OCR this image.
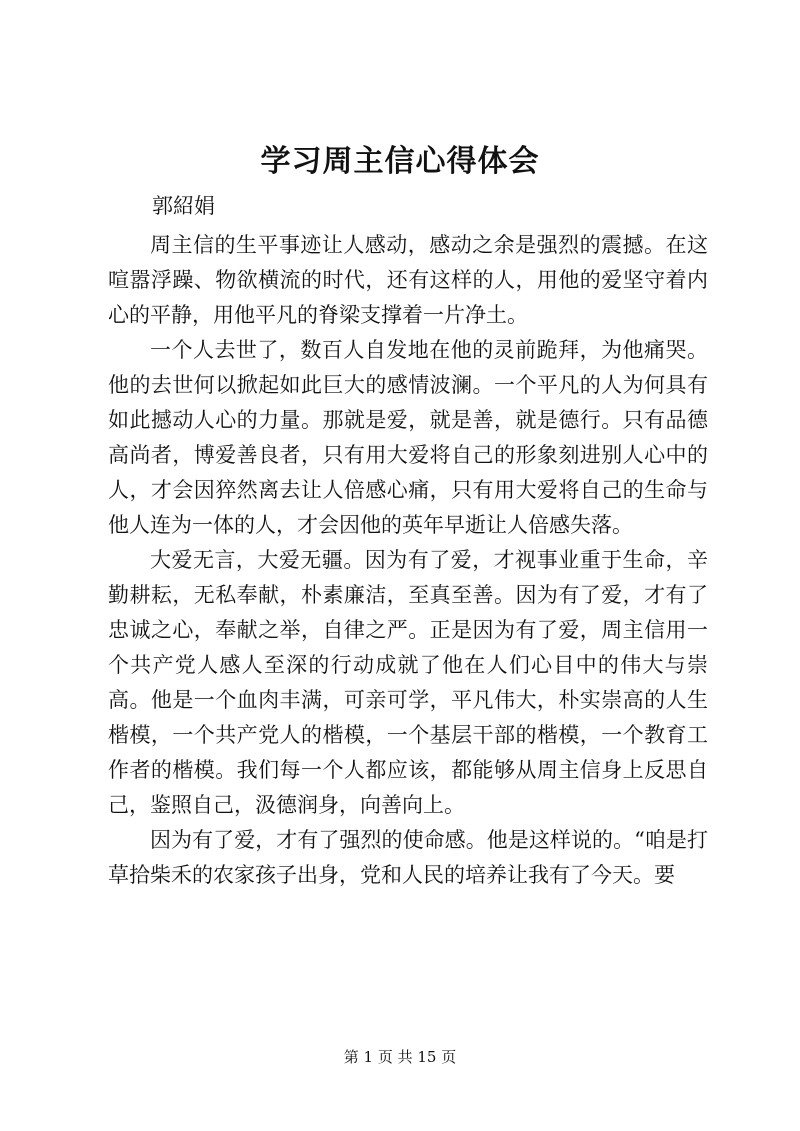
学习周主信心得体会

郭紹娟

周主信的生平事迹让人感动，感动之余是强烈的震撼。在这喧嚣浮躁、物欲横流的时代，还有这样的人，用他的爱坚守着内心的平静，用他平凡的脊梁支撑着一片净土。

一个人去世了，数百人自发地在他的灵前跪拜，为他痛哭。他的去世何以掀起如此巨大的感情波澜。一个平凡的人为何具有如此撼动人心的力量。那就是爱，就是善，就是德行。只有品德高尚者，博爱善良者，只有用大爱将自己的形象刻进别人心中的人，才会因猝然离去让人倍感心痛，只有用大爱将自己的生命与他人连为一体的人，才会因他的英年早逝让人倍感失落。

大爱无言，大爱无疆。因为有了爱，才视事业重于生命，辛勤耕耘，无私奉献，朴素廉洁，至真至善。因为有了爱，才有了忠诚之心，奉献之举，自律之严。正是因为有了爱，周主信用一个共产党人感人至深的行动成就了他在人们心目中的伟大与崇高。他是一个血肉丰满，可亲可学，平凡伟大，朴实崇高的人生楷模，一个共产党人的楷模，一个基层干部的楷模，一个教育工作者的楷模。我们每一个人都应该，都能够从周主信身上反思自己，鉴照自己，汲德润身，向善向上。

因为有了爱，才有了强烈的使命感。他是这样说的。“咱是打草拾柴禾的农家孩子出身，党和人民的培养让我有了今天。要

第 1 页 共 15 页
